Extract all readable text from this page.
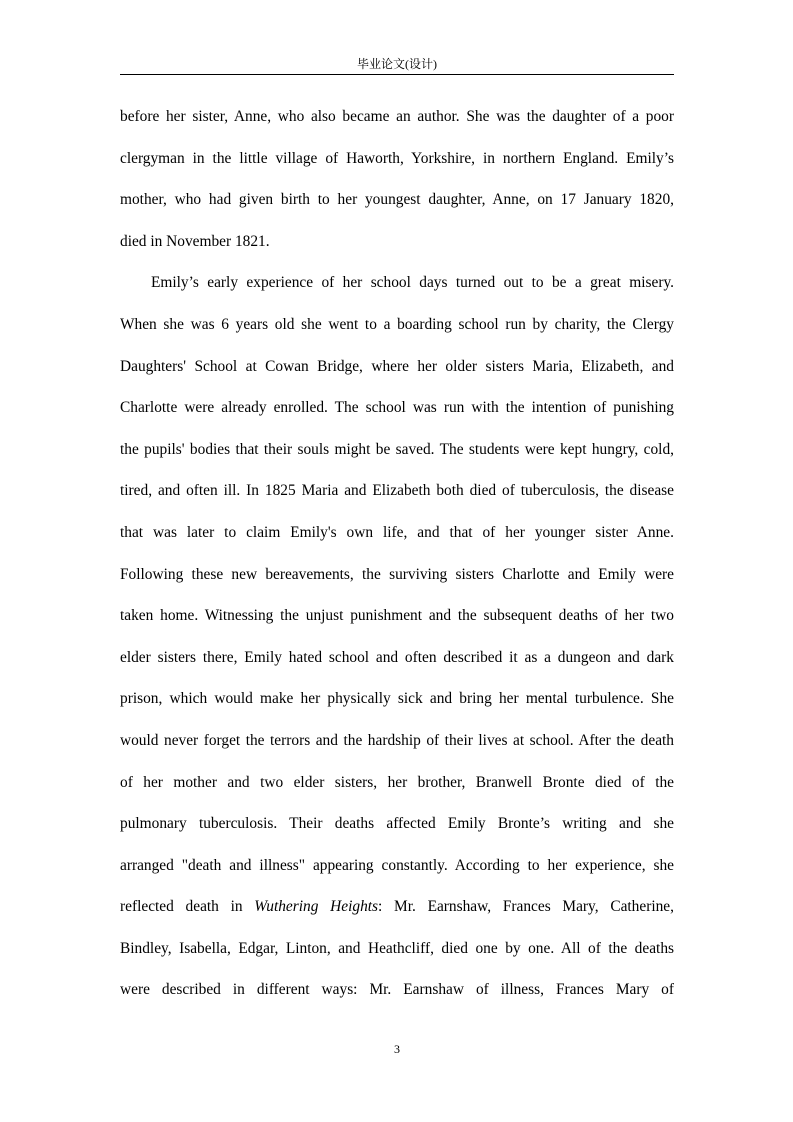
毕业论文(设计)
before her sister, Anne, who also became an author. She was the daughter of a poor
clergyman in the little village of Haworth, Yorkshire, in northern England. Emily’s
mother, who had given birth to her youngest daughter, Anne, on 17 January 1820,
died in November 1821.
Emily’s early experience of her school days turned out to be a great misery.
When she was 6 years old she went to a boarding school run by charity, the Clergy
Daughters' School at Cowan Bridge, where her older sisters Maria, Elizabeth, and
Charlotte were already enrolled. The school was run with the intention of punishing
the pupils' bodies that their souls might be saved. The students were kept hungry, cold,
tired, and often ill. In 1825 Maria and Elizabeth both died of tuberculosis, the disease
that was later to claim Emily's own life, and that of her younger sister Anne.
Following these new bereavements, the surviving sisters Charlotte and Emily were
taken home. Witnessing the unjust punishment and the subsequent deaths of her two
elder sisters there, Emily hated school and often described it as a dungeon and dark
prison, which would make her physically sick and bring her mental turbulence. She
would never forget the terrors and the hardship of their lives at school. After the death
of her mother and two elder sisters, her brother, Branwell Bronte died of the
pulmonary tuberculosis. Their deaths affected Emily Bronte’s writing and she
arranged "death and illness" appearing constantly. According to her experience, she
reflected death in Wuthering Heights: Mr. Earnshaw, Frances Mary, Catherine,
Bindley, Isabella, Edgar, Linton, and Heathcliff, died one by one. All of the deaths
were described in different ways: Mr. Earnshaw of illness, Frances Mary of
3
